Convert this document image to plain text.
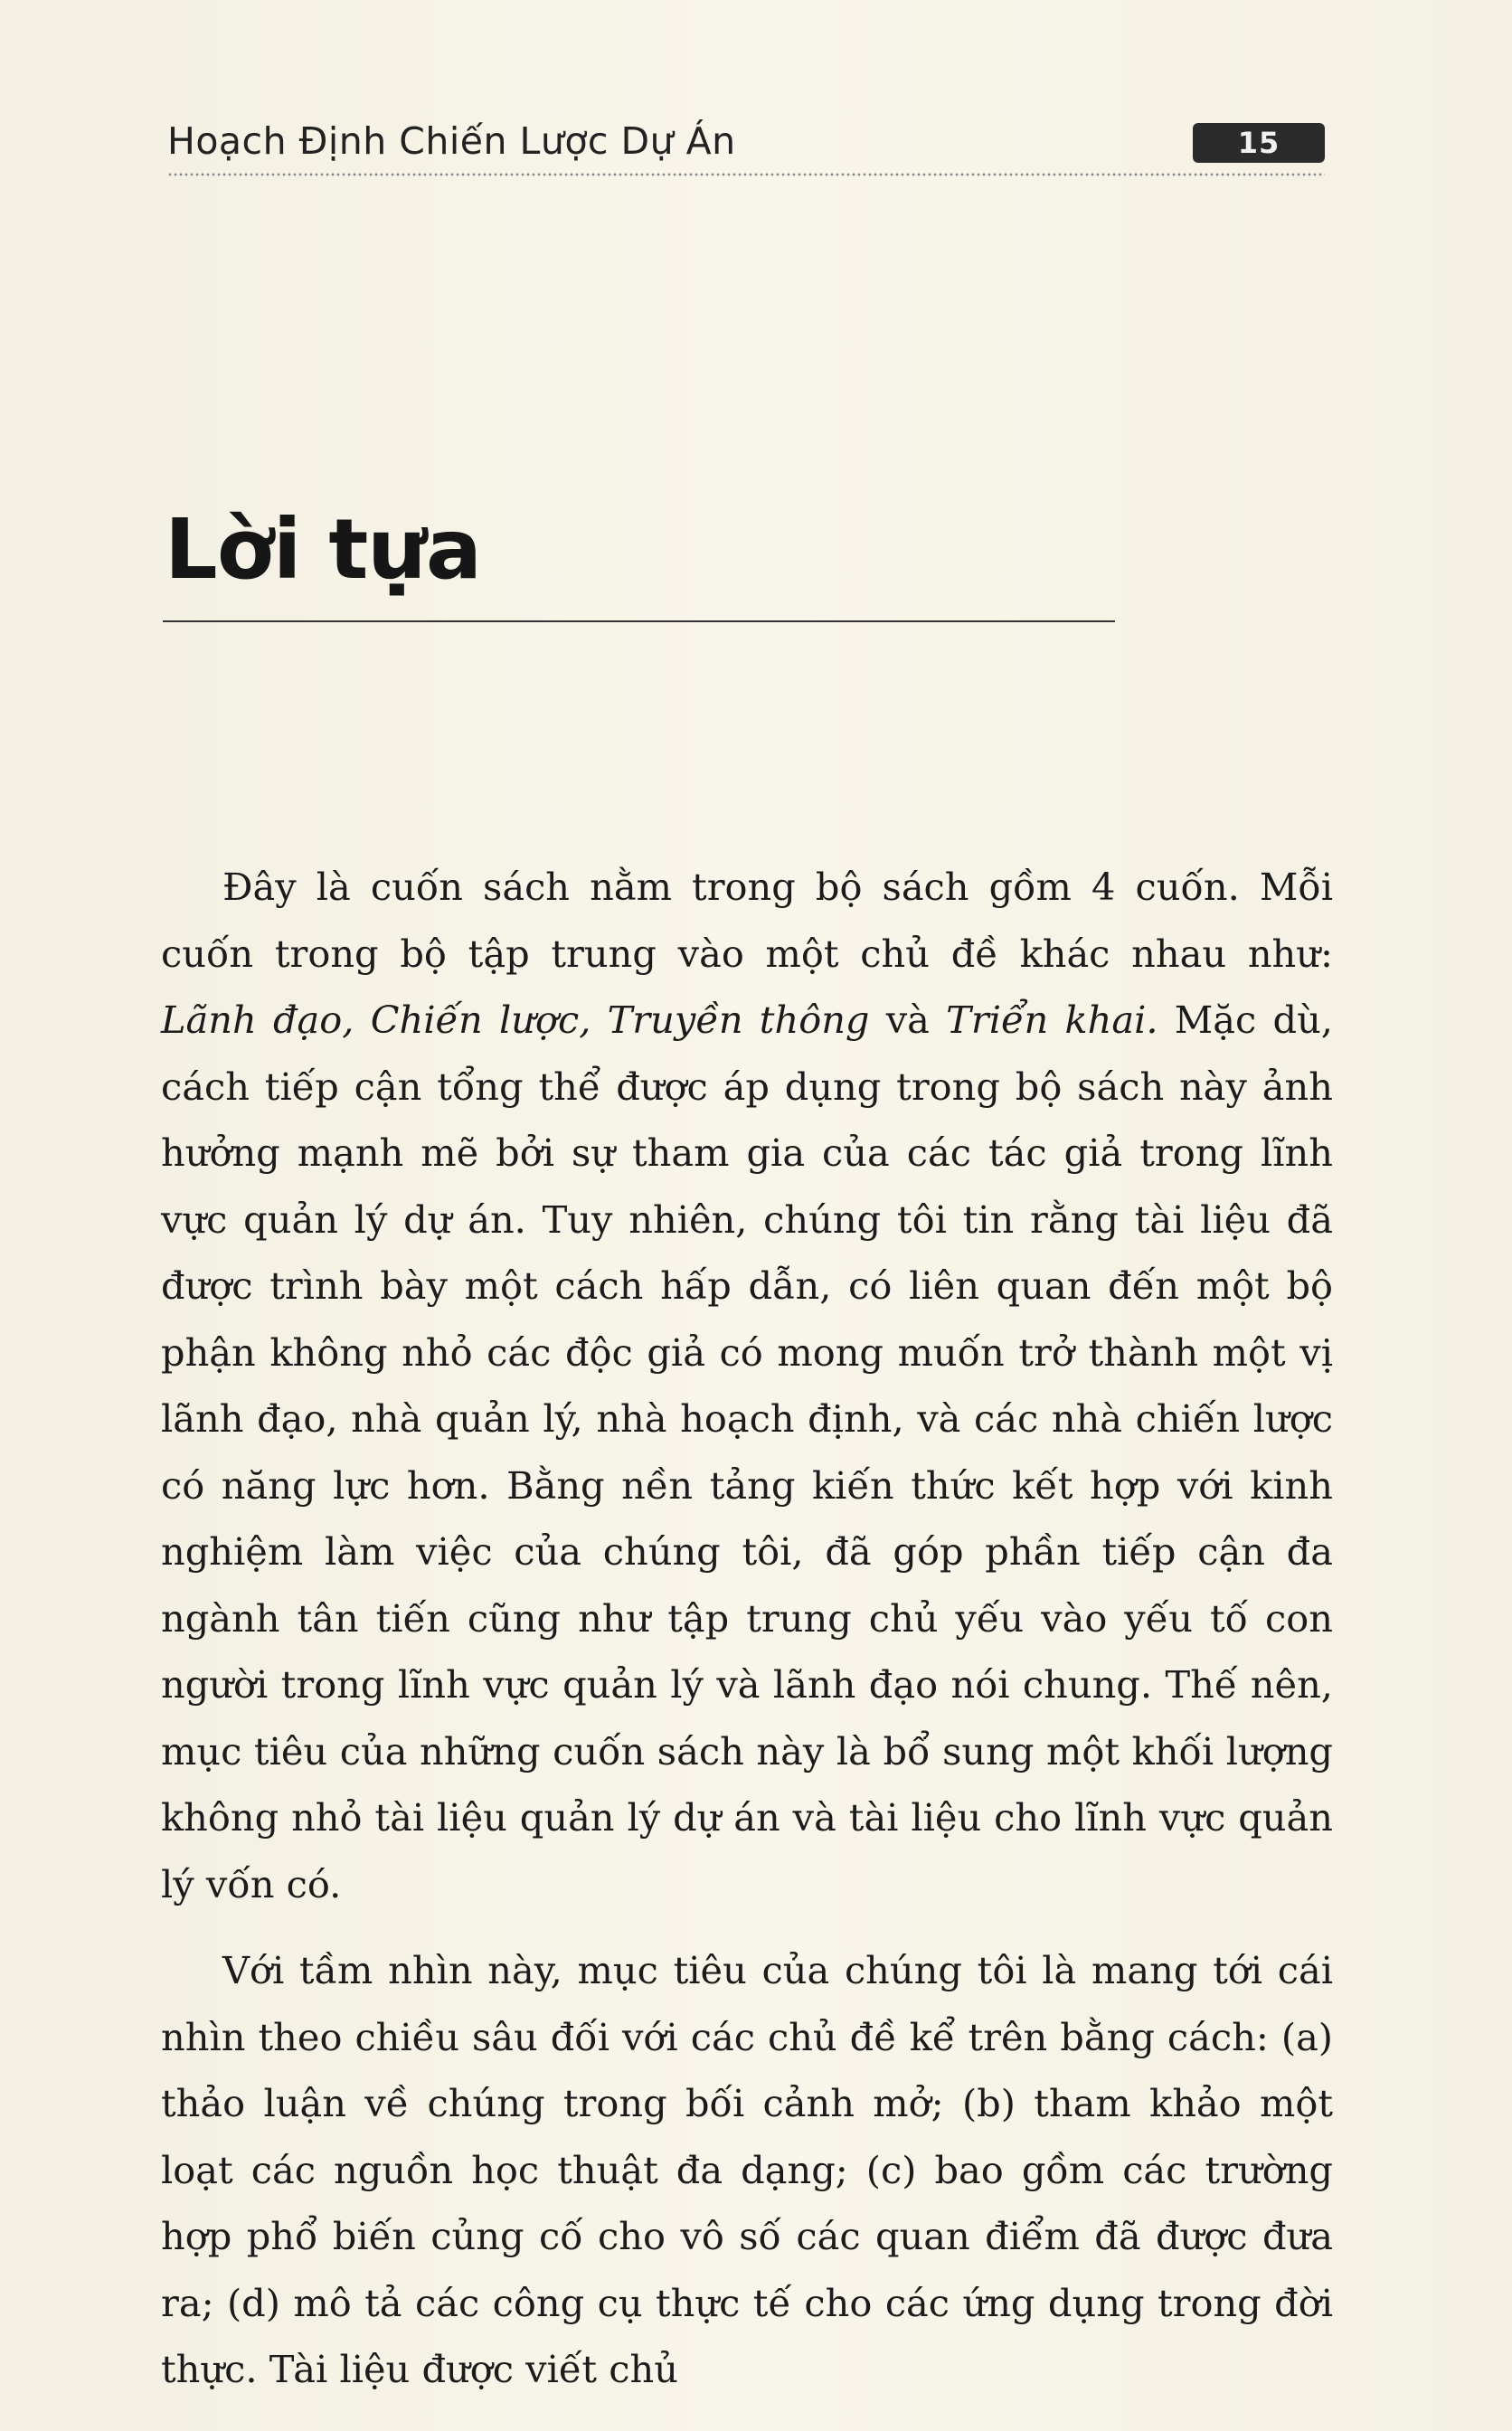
Hoạch Định Chiến Lược Dự Án	15
Lời tựa

Đây là cuốn sách nằm trong bộ sách gồm 4 cuốn. Mỗi cuốn trong bộ tập trung vào một chủ đề khác nhau như: Lãnh đạo, Chiến lược, Truyền thông và Triển khai. Mặc dù, cách tiếp cận tổng thể được áp dụng trong bộ sách này ảnh hưởng mạnh mẽ bởi sự tham gia của các tác giả trong lĩnh vực quản lý dự án. Tuy nhiên, chúng tôi tin rằng tài liệu đã được trình bày một cách hấp dẫn, có liên quan đến một bộ phận không nhỏ các độc giả có mong muốn trở thành một vị lãnh đạo, nhà quản lý, nhà hoạch định, và các nhà chiến lược có năng lực hơn. Bằng nền tảng kiến thức kết hợp với kinh nghiệm làm việc của chúng tôi, đã góp phần tiếp cận đa ngành tân tiến cũng như tập trung chủ yếu vào yếu tố con người trong lĩnh vực quản lý và lãnh đạo nói chung. Thế nên, mục tiêu của những cuốn sách này là bổ sung một khối lượng không nhỏ tài liệu quản lý dự án và tài liệu cho lĩnh vực quản lý vốn có.

Với tầm nhìn này, mục tiêu của chúng tôi là mang tới cái nhìn theo chiều sâu đối với các chủ đề kể trên bằng cách: (a) thảo luận về chúng trong bối cảnh mở; (b) tham khảo một loạt các nguồn học thuật đa dạng; (c) bao gồm các trường hợp phổ biến củng cố cho vô số các quan điểm đã được đưa ra; (d) mô tả các công cụ thực tế cho các ứng dụng trong đời thực. Tài liệu được viết chủ
